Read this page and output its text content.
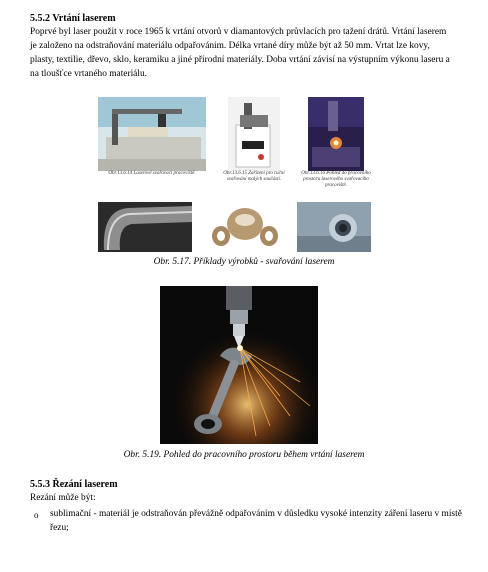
5.5.2 Vrtání laserem
Poprvé byl laser použit v roce 1965 k vrtání otvorů v diamantových průvlacích pro tažení drátů. Vrtání laserem je založeno na odstraňování materiálu odpařováním. Délka vrtané díry může být až 50 mm. Vrtat lze kovy, plasty, textilie, dřevo, sklo, keramiku a jiné přírodní materiály. Doba vrtání závisí na výstupním výkonu laseru a na tloušťce vrtaného materiálu.
Obr.13.6.14 Laserové svařovací pracoviště.	Obr.13.6.15 Zařízení pro ruční svařování malých součástí.
Obr.13.6.16 Pohled do pracovního prostoru laserového svařovacího pracoviště.
Obr. 5.17. Příklady výrobků - svařování laserem
Obr. 5.19. Pohled do pracovního prostoru během vrtání laserem
5.5.3 Řezání laserem
Rezání může být:
o sublimační - materiál je odstraňován převážně odpařováním v důsledku vysoké intenzity záření laseru v místě řezu;
